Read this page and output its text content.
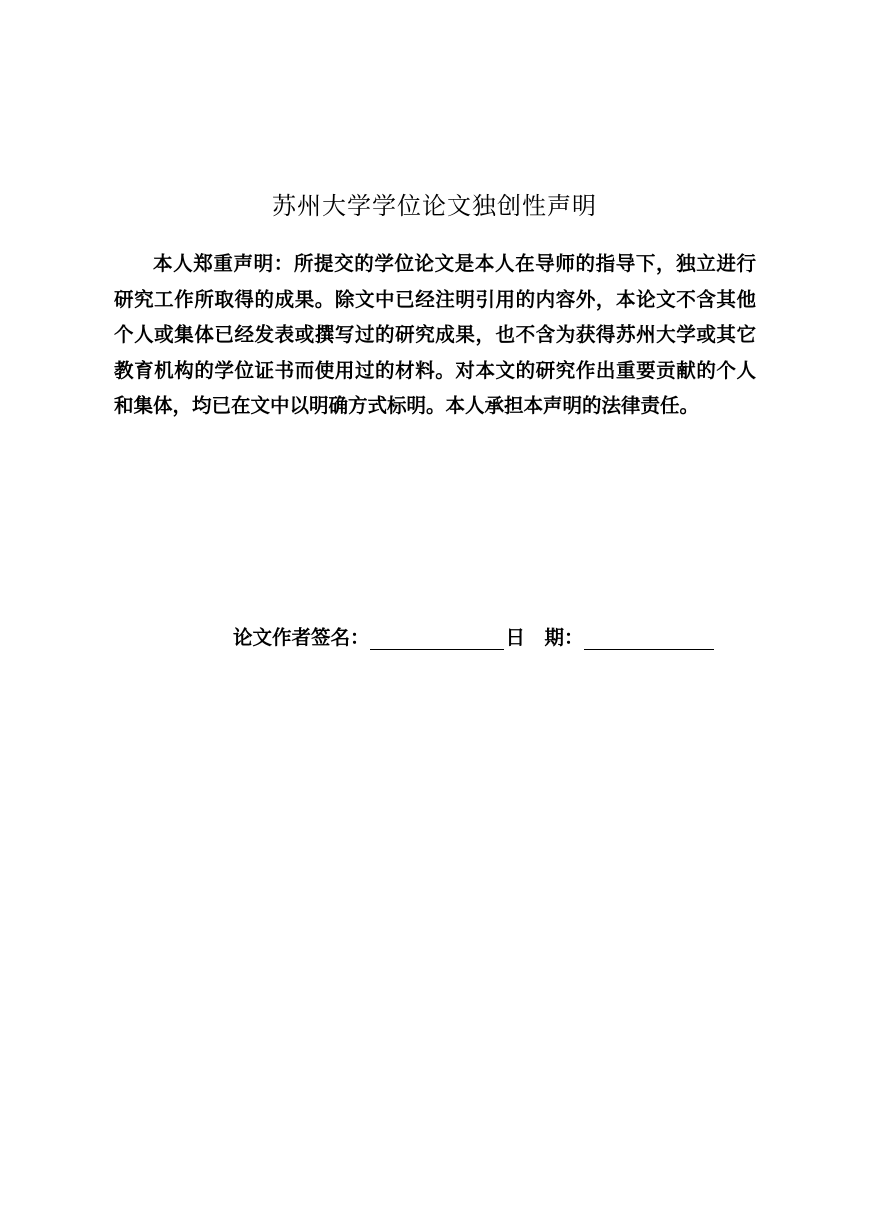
苏州大学学位论文独创性声明

本人郑重声明：所提交的学位论文是本人在导师的指导下，独立进行研究工作所取得的成果。除文中已经注明引用的内容外，本论文不含其他个人或集体已经发表或撰写过的研究成果，也不含为获得苏州大学或其它教育机构的学位证书而使用过的材料。对本文的研究作出重要贡献的个人和集体，均已在文中以明确方式标明。本人承担本声明的法律责任。

论文作者签名：	日　期：
